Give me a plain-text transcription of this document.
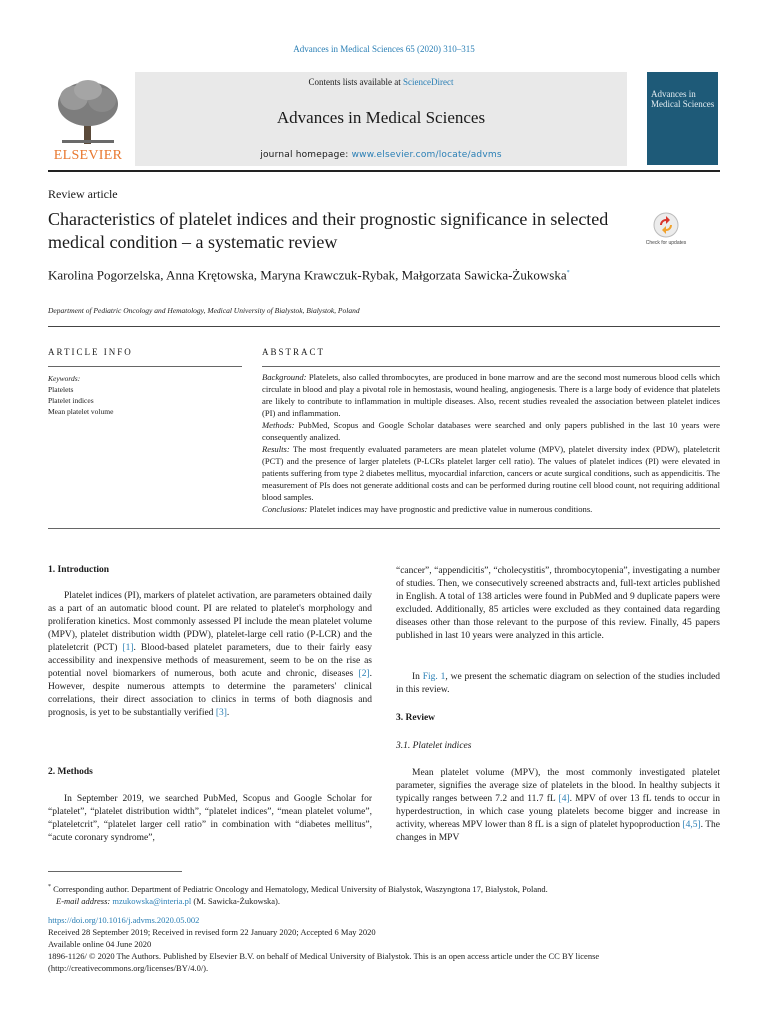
Advances in Medical Sciences 65 (2020) 310–315
Contents lists available at ScienceDirect
Advances in Medical Sciences
journal homepage: www.elsevier.com/locate/advms
ELSEVIER
Advances in Medical Sciences
Review article
Characteristics of platelet indices and their prognostic significance in selected medical condition – a systematic review	Check for updates
Karolina Pogorzelska, Anna Krętowska, Maryna Krawczuk-Rybak, Małgorzata Sawicka-Żukowska*
Department of Pediatric Oncology and Hematology, Medical University of Bialystok, Bialystok, Poland
ARTICLE INFO	ABSTRACT
Keywords:
Platelets
Platelet indices
Mean platelet volume
Background: Platelets, also called thrombocytes, are produced in bone marrow and are the second most numerous blood cells which circulate in blood and play a pivotal role in hemostasis, wound healing, angiogenesis. There is a large body of evidence that platelets are likely to contribute to inflammation in multiple diseases. Also, recent studies revealed the association between platelet indices (PI) and inflammation.
Methods: PubMed, Scopus and Google Scholar databases were searched and only papers published in the last 10 years were consequently analized.
Results: The most frequently evaluated parameters are mean platelet volume (MPV), platelet diversity index (PDW), plateletcrit (PCT) and the presence of larger platelets (P-LCRs platelet larger cell ratio). The values of platelet indices (PI) were elevated in patients suffering from type 2 diabetes mellitus, myocardial infarction, cancers or acute surgical conditions, such as appendicitis. The measurement of PIs does not generate additional costs and can be performed during routine cell blood count, not requiring additional blood samples.
Conclusions: Platelet indices may have prognostic and predictive value in numerous conditions.
1. Introduction
Platelet indices (PI), markers of platelet activation, are parameters obtained daily as a part of an automatic blood count. PI are related to platelet's morphology and proliferation kinetics. Most commonly assessed PI include the mean platelet volume (MPV), platelet distribution width (PDW), platelet-large cell ratio (P-LCR) and the plateletcrit (PCT) [1]. Blood-based platelet parameters, due to their fairly easy accessibility and inexpensive methods of measurement, seem to be on the rise as potential novel biomarkers of numerous, both acute and chronic, diseases [2]. However, despite numerous attempts to determine the parameters' clinical correlations, their direct association to clinics in terms of both diagnosis and prognosis, is yet to be substantially verified [3].
2. Methods
In September 2019, we searched PubMed, Scopus and Google Scholar for “platelet”, “platelet distribution width”, “platelet indices”, “mean platelet volume”, “plateletcrit”, “platelet larger cell ratio” in combination with “diabetes mellitus”, “acute coronary syndrome”,
“cancer”, “appendicitis”, “cholecystitis”, thrombocytopenia”, investigating a number of studies. Then, we consecutively screened abstracts and, full-text articles published in English. A total of 138 articles were found in PubMed and 9 duplicate papers were excluded. Additionally, 85 articles were excluded as they contained data regarding diseases other than those relevant to the purpose of this review. Finally, 45 papers published in last 10 years were analyzed in this article.
In Fig. 1, we present the schematic diagram on selection of the studies included in this review.
3. Review
3.1. Platelet indices
Mean platelet volume (MPV), the most commonly investigated platelet parameter, signifies the average size of platelets in the blood. In healthy subjects it typically ranges between 7.2 and 11.7 fL [4]. MPV of over 13 fL tends to occur in hyperdestruction, in which case young platelets become bigger and increase in activity, whereas MPV lower than 8 fL is a sign of platelet hypoproduction [4,5]. The changes in MPV
* Corresponding author. Department of Pediatric Oncology and Hematology, Medical University of Bialystok, Waszyngtona 17, Bialystok, Poland.
E-mail address: mzukowska@interia.pl (M. Sawicka-Żukowska).
https://doi.org/10.1016/j.advms.2020.05.002
Received 28 September 2019; Received in revised form 22 January 2020; Accepted 6 May 2020
Available online 04 June 2020
1896-1126/ © 2020 The Authors. Published by Elsevier B.V. on behalf of Medical University of Bialystok. This is an open access article under the CC BY license (http://creativecommons.org/licenses/BY/4.0/).
